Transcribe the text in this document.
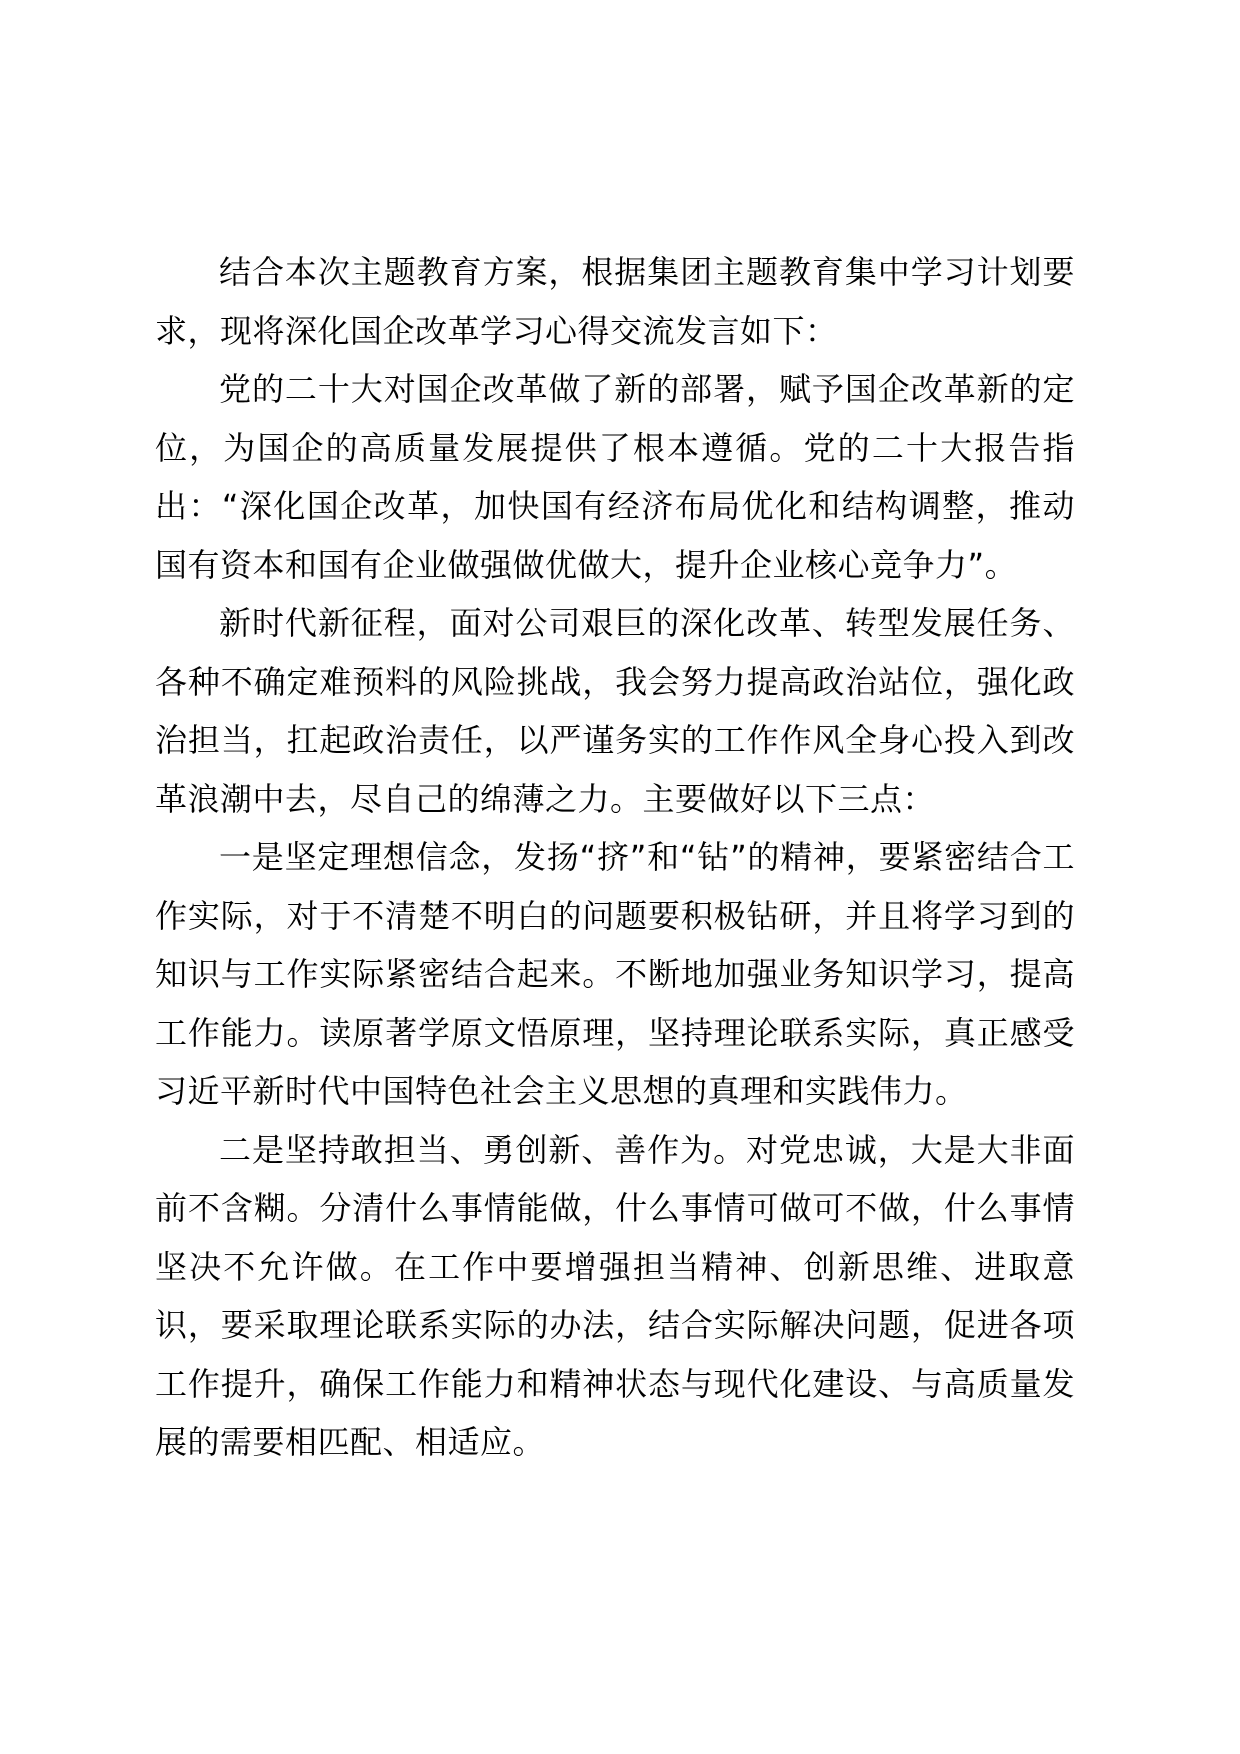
结合本次主题教育方案，根据集团主题教育集中学习计划要求，现将深化国企改革学习心得交流发言如下：

党的二十大对国企改革做了新的部署，赋予国企改革新的定位，为国企的高质量发展提供了根本遵循。党的二十大报告指出：“深化国企改革，加快国有经济布局优化和结构调整，推动国有资本和国有企业做强做优做大，提升企业核心竞争力”。

新时代新征程，面对公司艰巨的深化改革、转型发展任务、各种不确定难预料的风险挑战，我会努力提高政治站位，强化政治担当，扛起政治责任，以严谨务实的工作作风全身心投入到改革浪潮中去，尽自己的绵薄之力。主要做好以下三点：

一是坚定理想信念，发扬“挤”和“钻”的精神，要紧密结合工作实际，对于不清楚不明白的问题要积极钻研，并且将学习到的知识与工作实际紧密结合起来。不断地加强业务知识学习，提高工作能力。读原著学原文悟原理，坚持理论联系实际，真正感受习近平新时代中国特色社会主义思想的真理和实践伟力。

二是坚持敢担当、勇创新、善作为。对党忠诚，大是大非面前不含糊。分清什么事情能做，什么事情可做可不做，什么事情坚决不允许做。在工作中要增强担当精神、创新思维、进取意识，要采取理论联系实际的办法，结合实际解决问题，促进各项工作提升，确保工作能力和精神状态与现代化建设、与高质量发展的需要相匹配、相适应。
